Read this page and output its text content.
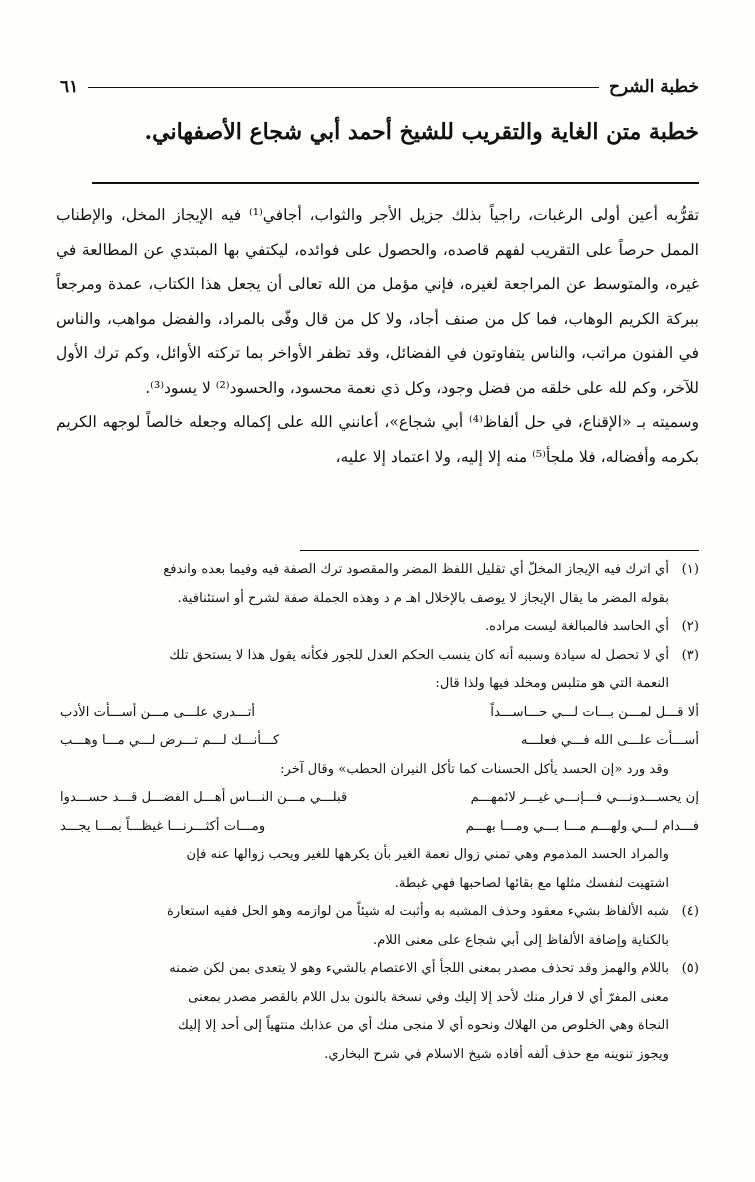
خطبة الشرح
٦١
خطبة متن الغاية والتقريب للشيخ أحمد أبي شجاع الأصفهاني.

تقرُّبه أعين أولى الرغبات، راجياً بذلك جزيل الأجر والثواب، أجافي⁽¹⁾ فيه الإيجاز المخل، والإطناب الممل حرصاً على التقريب لفهم قاصده، والحصول على فوائده، ليكتفي بها المبتدي عن المطالعة في غيره، والمتوسط عن المراجعة لغيره، فإني مؤمل من الله تعالى أن يجعل هذا الكتاب، عمدة ومرجعاً ببركة الكريم الوهاب، فما كل من صنف أجاد، ولا كل من قال وفّى بالمراد، والفضل مواهب، والناس في الفنون مراتب، والناس يتفاوتون في الفضائل، وقد تظفر الأواخر بما تركته الأوائل، وكم ترك الأول للآخر، وكم لله على خلقه من فضل وجود، وكل ذي نعمة محسود، والحسود⁽²⁾ لا يسود⁽³⁾.

وسميته بـ «الإقناع، في حل ألفاظ⁽⁴⁾ أبي شجاع»، أعانني الله على إكماله وجعله خالصاً لوجهه الكريم بكرمه وأفضاله، فلا ملجأ⁽⁵⁾ منه إلا إليه، ولا اعتماد إلا عليه،

(١)
أي اترك فيه الإيجاز المخلّ أي تقليل اللفظ المضر والمقصود ترك الصفة فيه وفيما بعده واندفع
بقوله المضر ما يقال الإيجاز لا يوصف بالإخلال اهـ م د وهذه الجملة صفة لشرح أو استئنافية.
(٢)
أي الحاسد فالمبالغة ليست مراده.
(٣)
أي لا تحصل له سيادة وسببه أنه كان ينسب الحكم العدل للجور فكأنه يقول هذا لا يستحق تلك
النعمة التي هو متلبس ومخلد فيها ولذا قال:
ألا قـــل لمـــن بـــات لـــي حـــاســـداً
أتـــدري علـــى مـــن أســـأت الأدب
أســـأت علـــى الله فـــي فعلـــه
كـــأنـــك لـــم تـــرض لـــي مـــا وهـــب
وقد ورد «إن الحسد يأكل الحسنات كما تأكل النيران الحطب» وقال آخر:
إن يحســـدونـــي فـــإنـــي غيـــر لائمهـــم
قبلـــي مـــن النـــاس أهـــل الفضـــل قـــد حســـدوا
فـــدام لـــي ولهـــم مـــا بـــي ومـــا بهـــم
ومـــات أكثـــرنـــا غيظـــاً بمـــا يجـــد
والمراد الحسد المذموم وهي تمني زوال نعمة الغير بأن يكرهها للغير ويحب زوالها عنه فإن
اشتهيت لنفسك مثلها مع بقائها لصاحبها فهي غبطة.
(٤)
شبه الألفاظ بشيء معقود وحذف المشبه به وأثبت له شيئاً من لوازمه وهو الحل ففيه استعارة
بالكناية وإضافة الألفاظ إلى أبي شجاع على معنى اللام.
(٥)
باللام والهمز وقد تحذف مصدر بمعنى اللجأ أي الاعتصام بالشيء وهو لا يتعدى بمن لكن ضمنه
معنى المفرّ أي لا فرار منك لأحد إلا إليك وفي نسخة بالنون بدل اللام بالقصر مصدر بمعنى
النجاة وهي الخلوص من الهلاك ونحوه أي لا منجى منك أي من عذابك منتهياً إلى أحد إلا إليك
ويجوز تنوينه مع حذف ألفه أفاده شيخ الاسلام في شرح البخاري.
